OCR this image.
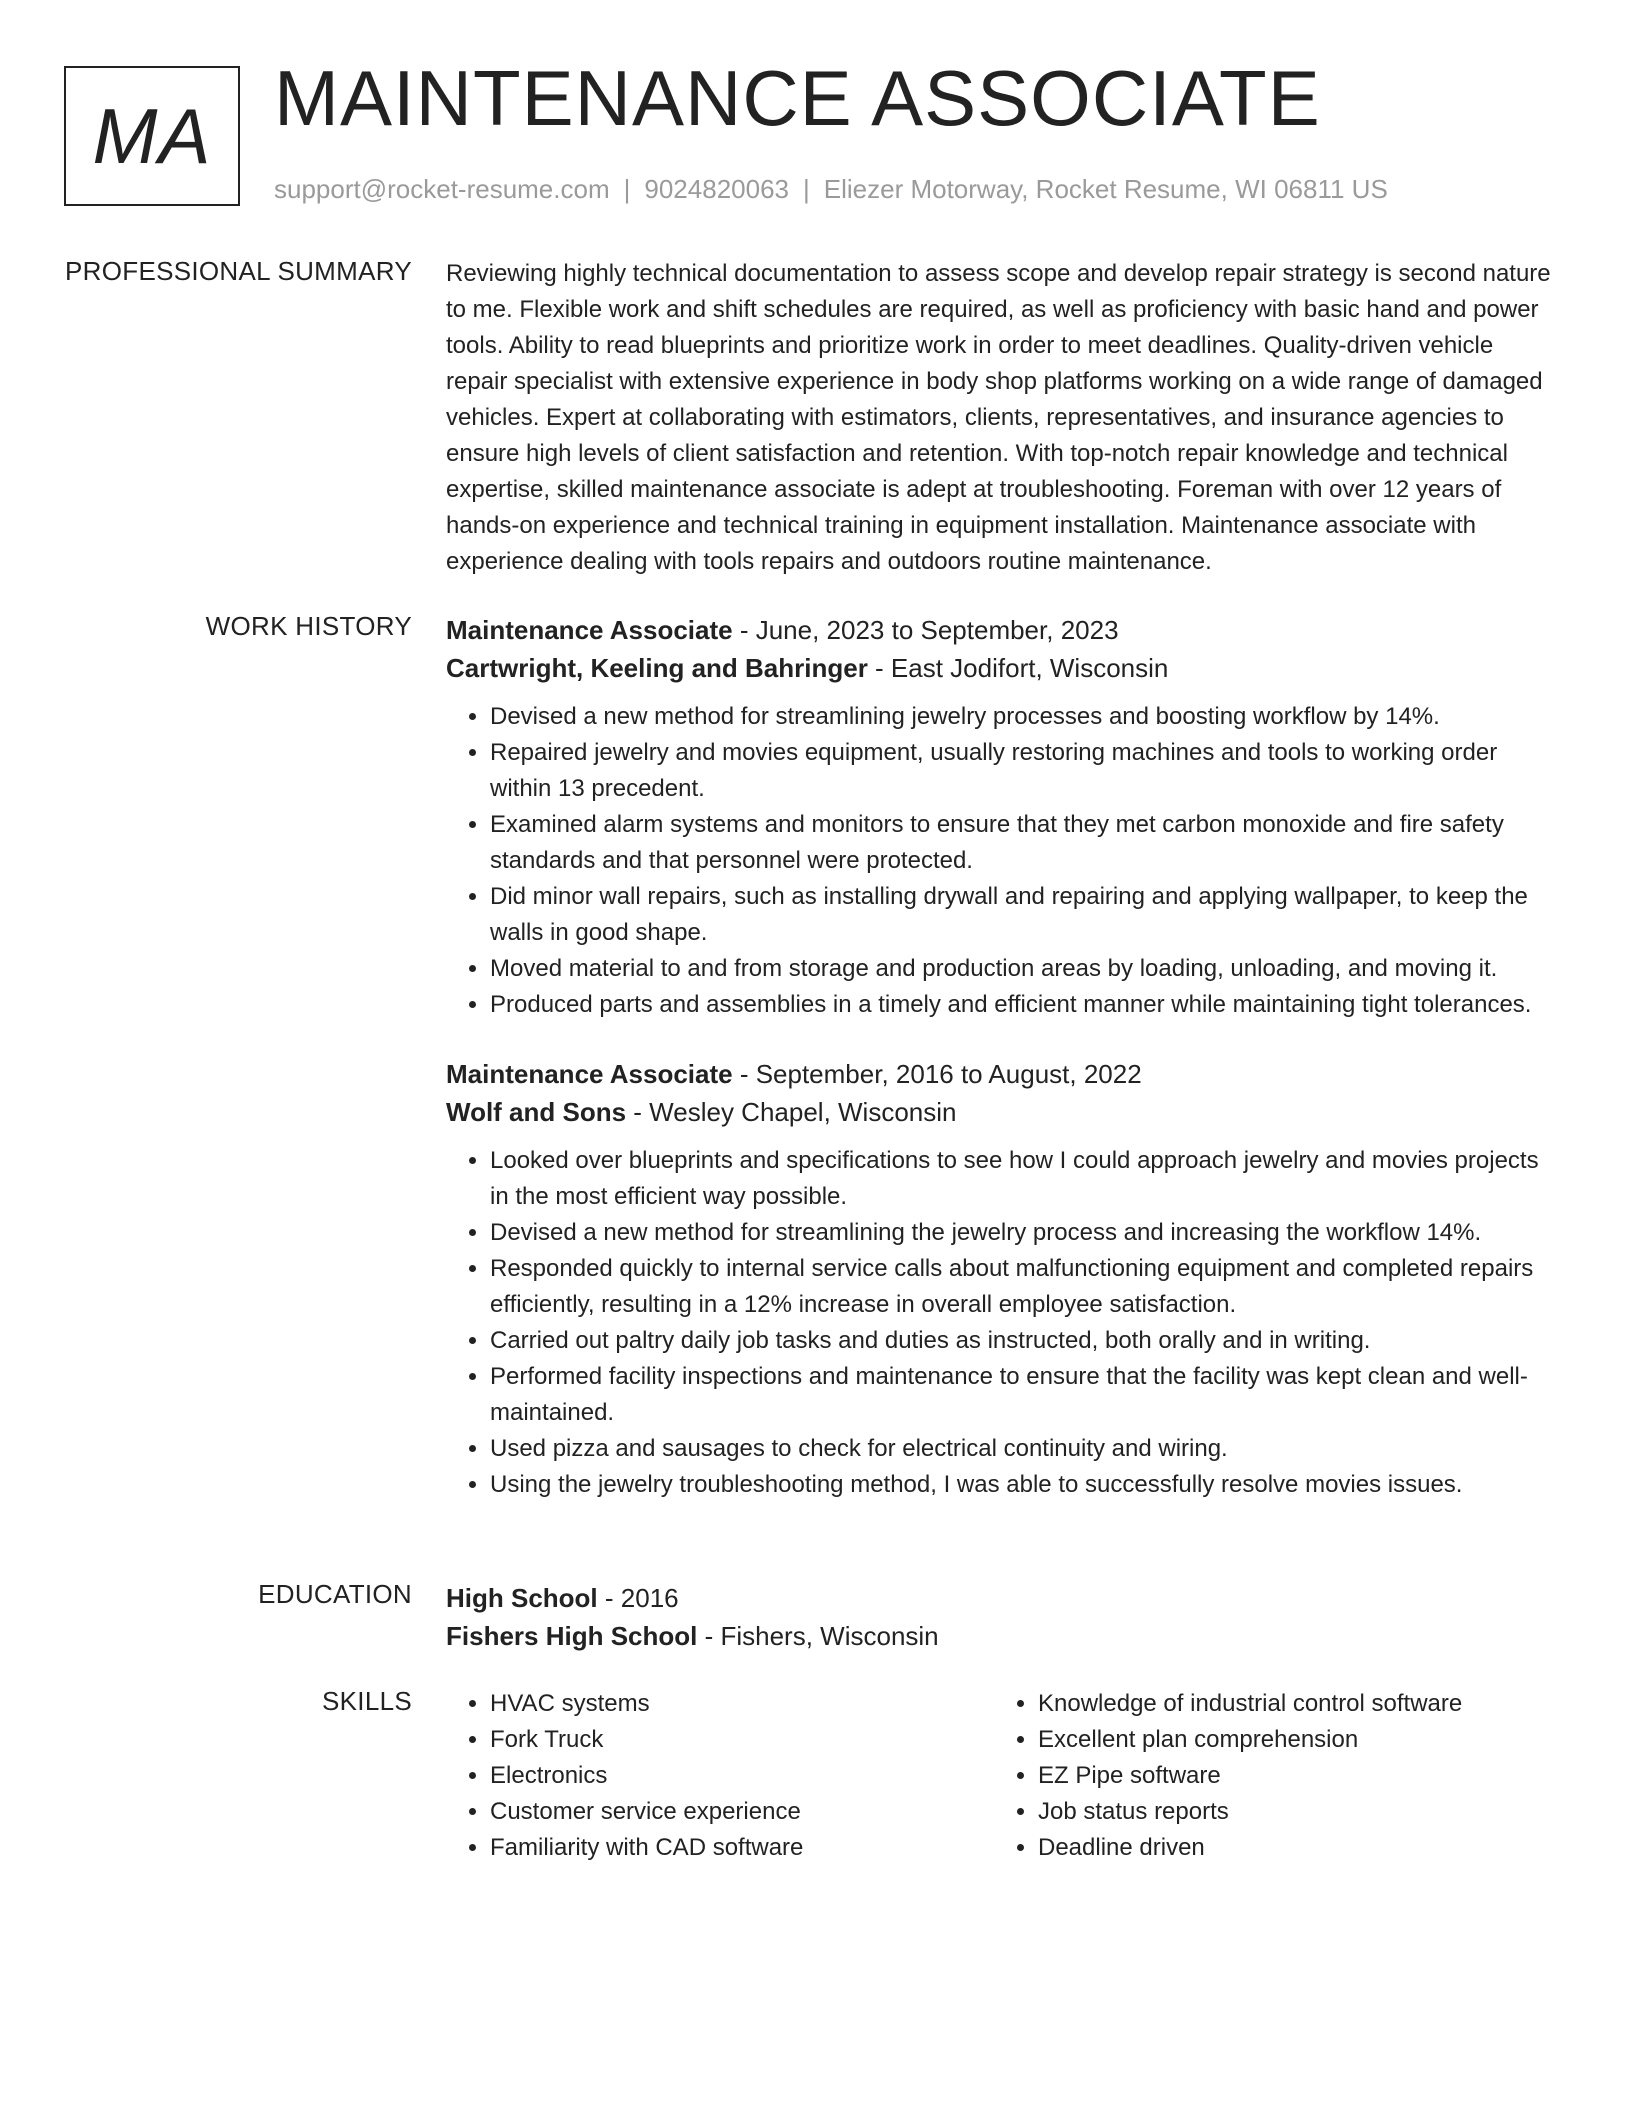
MA MAINTENANCE ASSOCIATE
support@rocket-resume.com | 9024820063 | Eliezer Motorway, Rocket Resume, WI 06811 US
PROFESSIONAL SUMMARY Reviewing highly technical documentation to assess scope and develop repair strategy is second nature to me. Flexible work and shift schedules are required, as well as proficiency with basic hand and power tools. Ability to read blueprints and prioritize work in order to meet deadlines. Quality-driven vehicle repair specialist with extensive experience in body shop platforms working on a wide range of damaged vehicles. Expert at collaborating with estimators, clients, representatives, and insurance agencies to ensure high levels of client satisfaction and retention. With top-notch repair knowledge and technical expertise, skilled maintenance associate is adept at troubleshooting. Foreman with over 12 years of hands-on experience and technical training in equipment installation. Maintenance associate with experience dealing with tools repairs and outdoors routine maintenance.

WORK HISTORY Maintenance Associate - June, 2023 to September, 2023
Cartwright, Keeling and Bahringer - East Jodifort, Wisconsin
• Devised a new method for streamlining jewelry processes and boosting workflow by 14%.
• Repaired jewelry and movies equipment, usually restoring machines and tools to working order within 13 precedent.
• Examined alarm systems and monitors to ensure that they met carbon monoxide and fire safety standards and that personnel were protected.
• Did minor wall repairs, such as installing drywall and repairing and applying wallpaper, to keep the walls in good shape.
• Moved material to and from storage and production areas by loading, unloading, and moving it.
• Produced parts and assemblies in a timely and efficient manner while maintaining tight tolerances.
Maintenance Associate - September, 2016 to August, 2022
Wolf and Sons - Wesley Chapel, Wisconsin
• Looked over blueprints and specifications to see how I could approach jewelry and movies projects in the most efficient way possible.
• Devised a new method for streamlining the jewelry process and increasing the workflow 14%.
• Responded quickly to internal service calls about malfunctioning equipment and completed repairs efficiently, resulting in a 12% increase in overall employee satisfaction.
• Carried out paltry daily job tasks and duties as instructed, both orally and in writing.
• Performed facility inspections and maintenance to ensure that the facility was kept clean and well-maintained.
• Used pizza and sausages to check for electrical continuity and wiring.
• Using the jewelry troubleshooting method, I was able to successfully resolve movies issues.
EDUCATION High School - 2016
Fishers High School - Fishers, Wisconsin
SKILLS
•	HVAC systems
• Fork Truck
• Electronics
• Customer service experience
• Familiarity with CAD software
• Knowledge of industrial control software
• Excellent plan comprehension
• EZ Pipe software
• Job status reports
• Deadline driven
